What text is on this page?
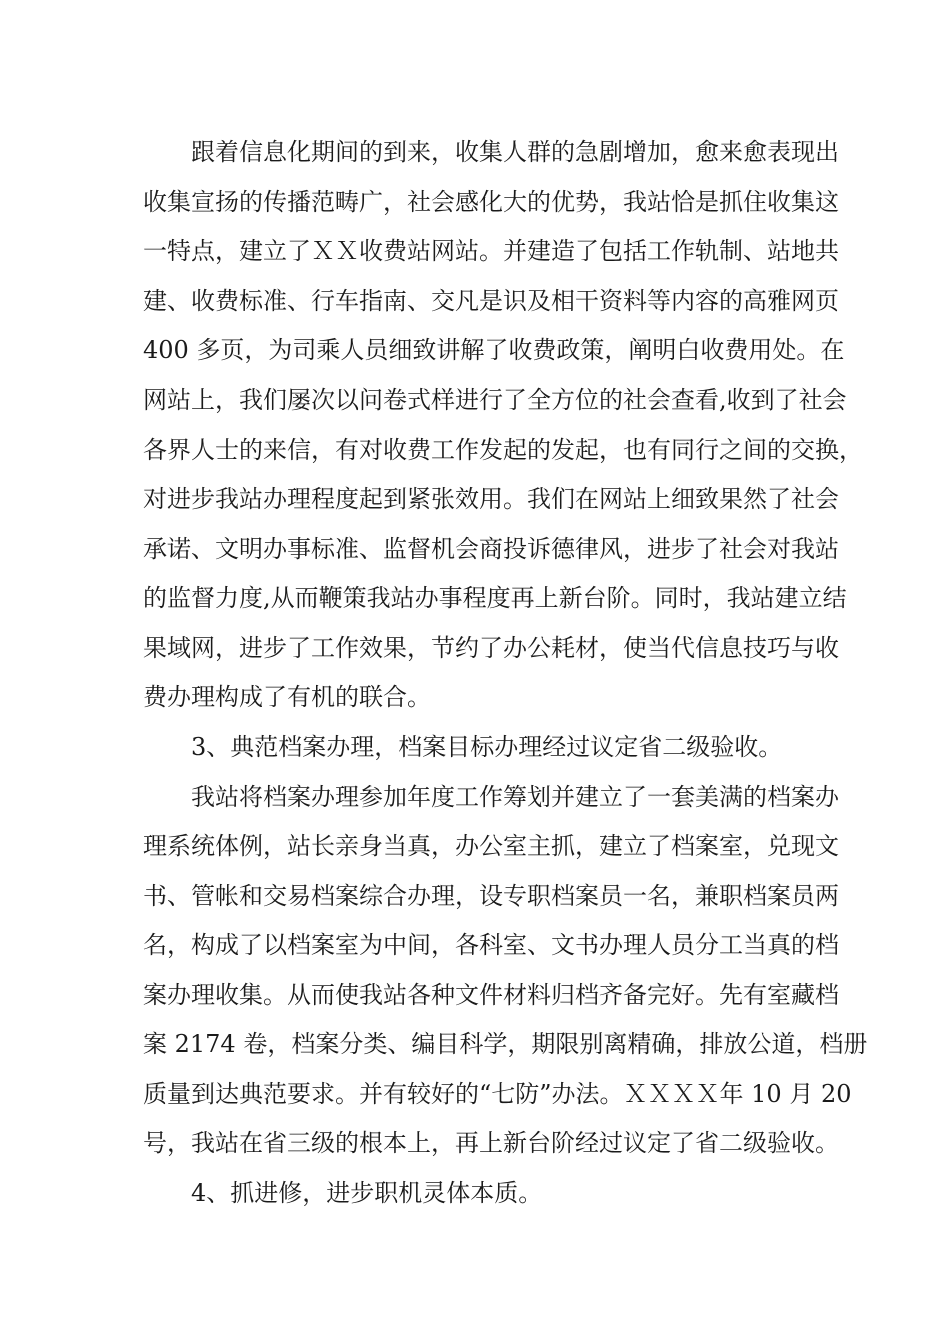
跟着信息化期间的到来，收集人群的急剧增加，愈来愈表现出
收集宣扬的传播范畴广，社会感化大的优势，我站恰是抓住收集这
一特点，建立了ＸＸ收费站网站。并建造了包括工作轨制、站地共
建、收费标准、行车指南、交凡是识及相干资料等内容的高雅网页
400 多页，为司乘人员细致讲解了收费政策，阐明白收费用处。在
网站上，我们屡次以问卷式样进行了全方位的社会查看,收到了社会
各界人士的来信，有对收费工作发起的发起，也有同行之间的交换，
对进步我站办理程度起到紧张效用。我们在网站上细致果然了社会
承诺、文明办事标准、监督机会商投诉德律风，进步了社会对我站
的监督力度,从而鞭策我站办事程度再上新台阶。同时，我站建立结
果域网，进步了工作效果，节约了办公耗材，使当代信息技巧与收
费办理构成了有机的联合。
3、典范档案办理，档案目标办理经过议定省二级验收。
我站将档案办理参加年度工作筹划并建立了一套美满的档案办
理系统体例，站长亲身当真，办公室主抓，建立了档案室，兑现文
书、管帐和交易档案综合办理，设专职档案员一名，兼职档案员两
名，构成了以档案室为中间，各科室、文书办理人员分工当真的档
案办理收集。从而使我站各种文件材料归档齐备完好。先有室藏档
案 2174 卷，档案分类、编目科学，期限别离精确，排放公道，档册
质量到达典范要求。并有较好的“七防”办法。ＸＸＸＸ年 10 月 20
号，我站在省三级的根本上，再上新台阶经过议定了省二级验收。
4、抓进修，进步职机灵体本质。
